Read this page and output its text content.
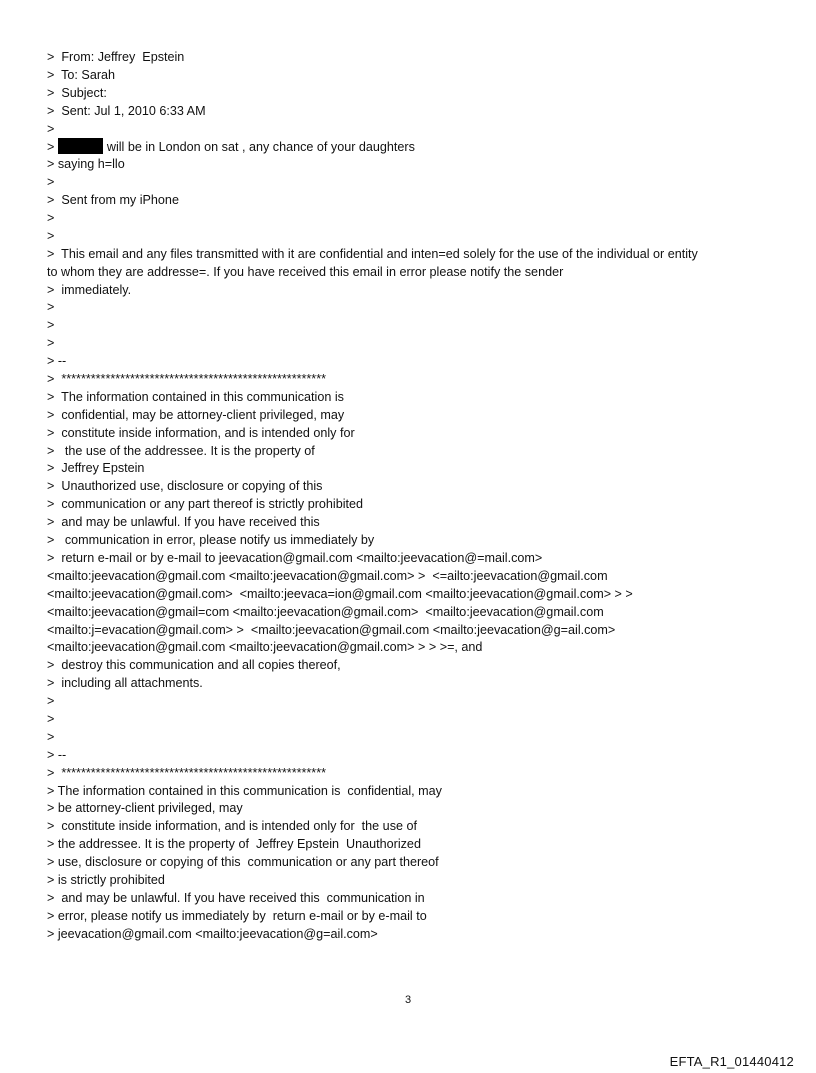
>  From: Jeffrey  Epstein
>  To: Sarah
>  Subject:
>  Sent: Jul 1, 2010 6:33 AM
>
>	will be in London on sat , any chance of your daughters
> saying h=llo
>
>  Sent from my iPhone
>
>
>  This email and any files transmitted with it are confidential and inten=ed solely for the use of the individual or entity
to whom they are addresse=. If you have received this email in error please notify the sender
>  immediately.
>
>
>
> --
>  ******************************************************
>  The information contained in this communication is
>  confidential, may be attorney-client privileged, may
>  constitute inside information, and is intended only for
>   the use of the addressee. It is the property of
>  Jeffrey Epstein
>  Unauthorized use, disclosure or copying of this
>  communication or any part thereof is strictly prohibited
>  and may be unlawful. If you have received this
>   communication in error, please notify us immediately by
>  return e-mail or by e-mail to jeevacation@gmail.com <mailto:jeevacation@=mail.com>
<mailto:jeevacation@gmail.com <mailto:jeevacation@gmail.com> >  <=ailto:jeevacation@gmail.com
<mailto:jeevacation@gmail.com>  <mailto:jeevaca=ion@gmail.com <mailto:jeevacation@gmail.com> > >
<mailto:jeevacation@gmail=com <mailto:jeevacation@gmail.com>  <mailto:jeevacation@gmail.com
<mailto:j=evacation@gmail.com> >  <mailto:jeevacation@gmail.com <mailto:jeevacation@g=ail.com>
<mailto:jeevacation@gmail.com <mailto:jeevacation@gmail.com> > > >=, and
>  destroy this communication and all copies thereof,
>  including all attachments.
>
>
>
> --
>  ******************************************************
> The information contained in this communication is  confidential, may
> be attorney-client privileged, may
>  constitute inside information, and is intended only for  the use of
> the addressee. It is the property of  Jeffrey Epstein  Unauthorized
> use, disclosure or copying of this  communication or any part thereof
> is strictly prohibited
>  and may be unlawful. If you have received this  communication in
> error, please notify us immediately by  return e-mail or by e-mail to
> jeevacation@gmail.com <mailto:jeevacation@g=ail.com>
3
EFTA_R1_01440412
